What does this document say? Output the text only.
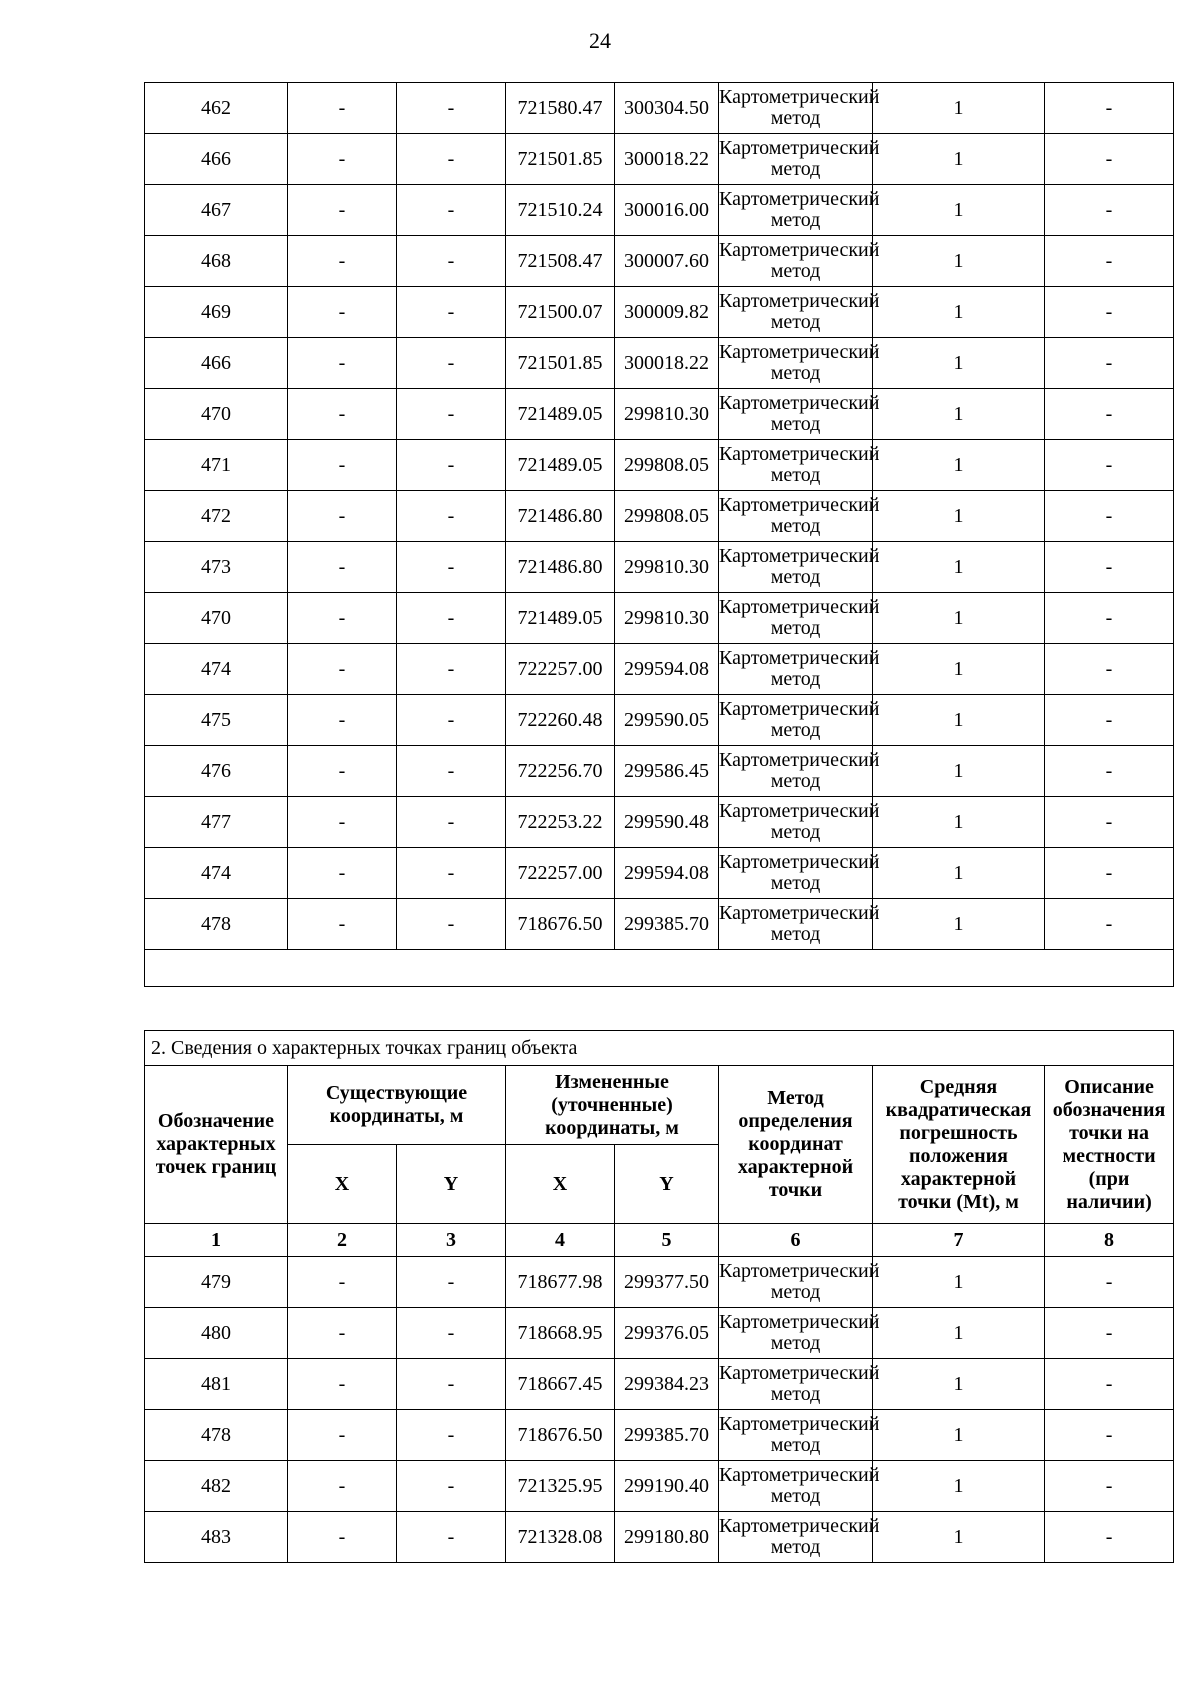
24
462	-	-	721580.47	300304.50	Картометрический метод	1	-
466	-	-	721501.85	300018.22	Картометрический метод	1	-
467	-	-	721510.24	300016.00	Картометрический метод	1	-
468	-	-	721508.47	300007.60	Картометрический метод	1	-
469	-	-	721500.07	300009.82	Картометрический метод	1	-
466	-	-	721501.85	300018.22	Картометрический метод	1	-
470	-	-	721489.05	299810.30	Картометрический метод	1	-
471	-	-	721489.05	299808.05	Картометрический метод	1	-
472	-	-	721486.80	299808.05	Картометрический метод	1	-
473	-	-	721486.80	299810.30	Картометрический метод	1	-
470	-	-	721489.05	299810.30	Картометрический метод	1	-
474	-	-	722257.00	299594.08	Картометрический метод	1	-
475	-	-	722260.48	299590.05	Картометрический метод	1	-
476	-	-	722256.70	299586.45	Картометрический метод	1	-
477	-	-	722253.22	299590.48	Картометрический метод	1	-
474	-	-	722257.00	299594.08	Картометрический метод	1	-
478	-	-	718676.50	299385.70	Картометрический метод	1	-

2. Сведения о характерных точках границ объекта							
Обозначение характерных точек границ	Существующие координаты, м		Измененные (уточненные) координаты, м		Метод определения координат характерной точки	Средняя квадратическая погрешность положения характерной точки (Mt), м	Описание обозначения точки на местности (при наличии)
	X	Y	X	Y			
1	2	3	4	5	6	7	8
479	-	-	718677.98	299377.50	Картометрический метод	1	-
480	-	-	718668.95	299376.05	Картометрический метод	1	-
481	-	-	718667.45	299384.23	Картометрический метод	1	-
478	-	-	718676.50	299385.70	Картометрический метод	1	-
482	-	-	721325.95	299190.40	Картометрический метод	1	-
483	-	-	721328.08	299180.80	Картометрический метод	1	-
